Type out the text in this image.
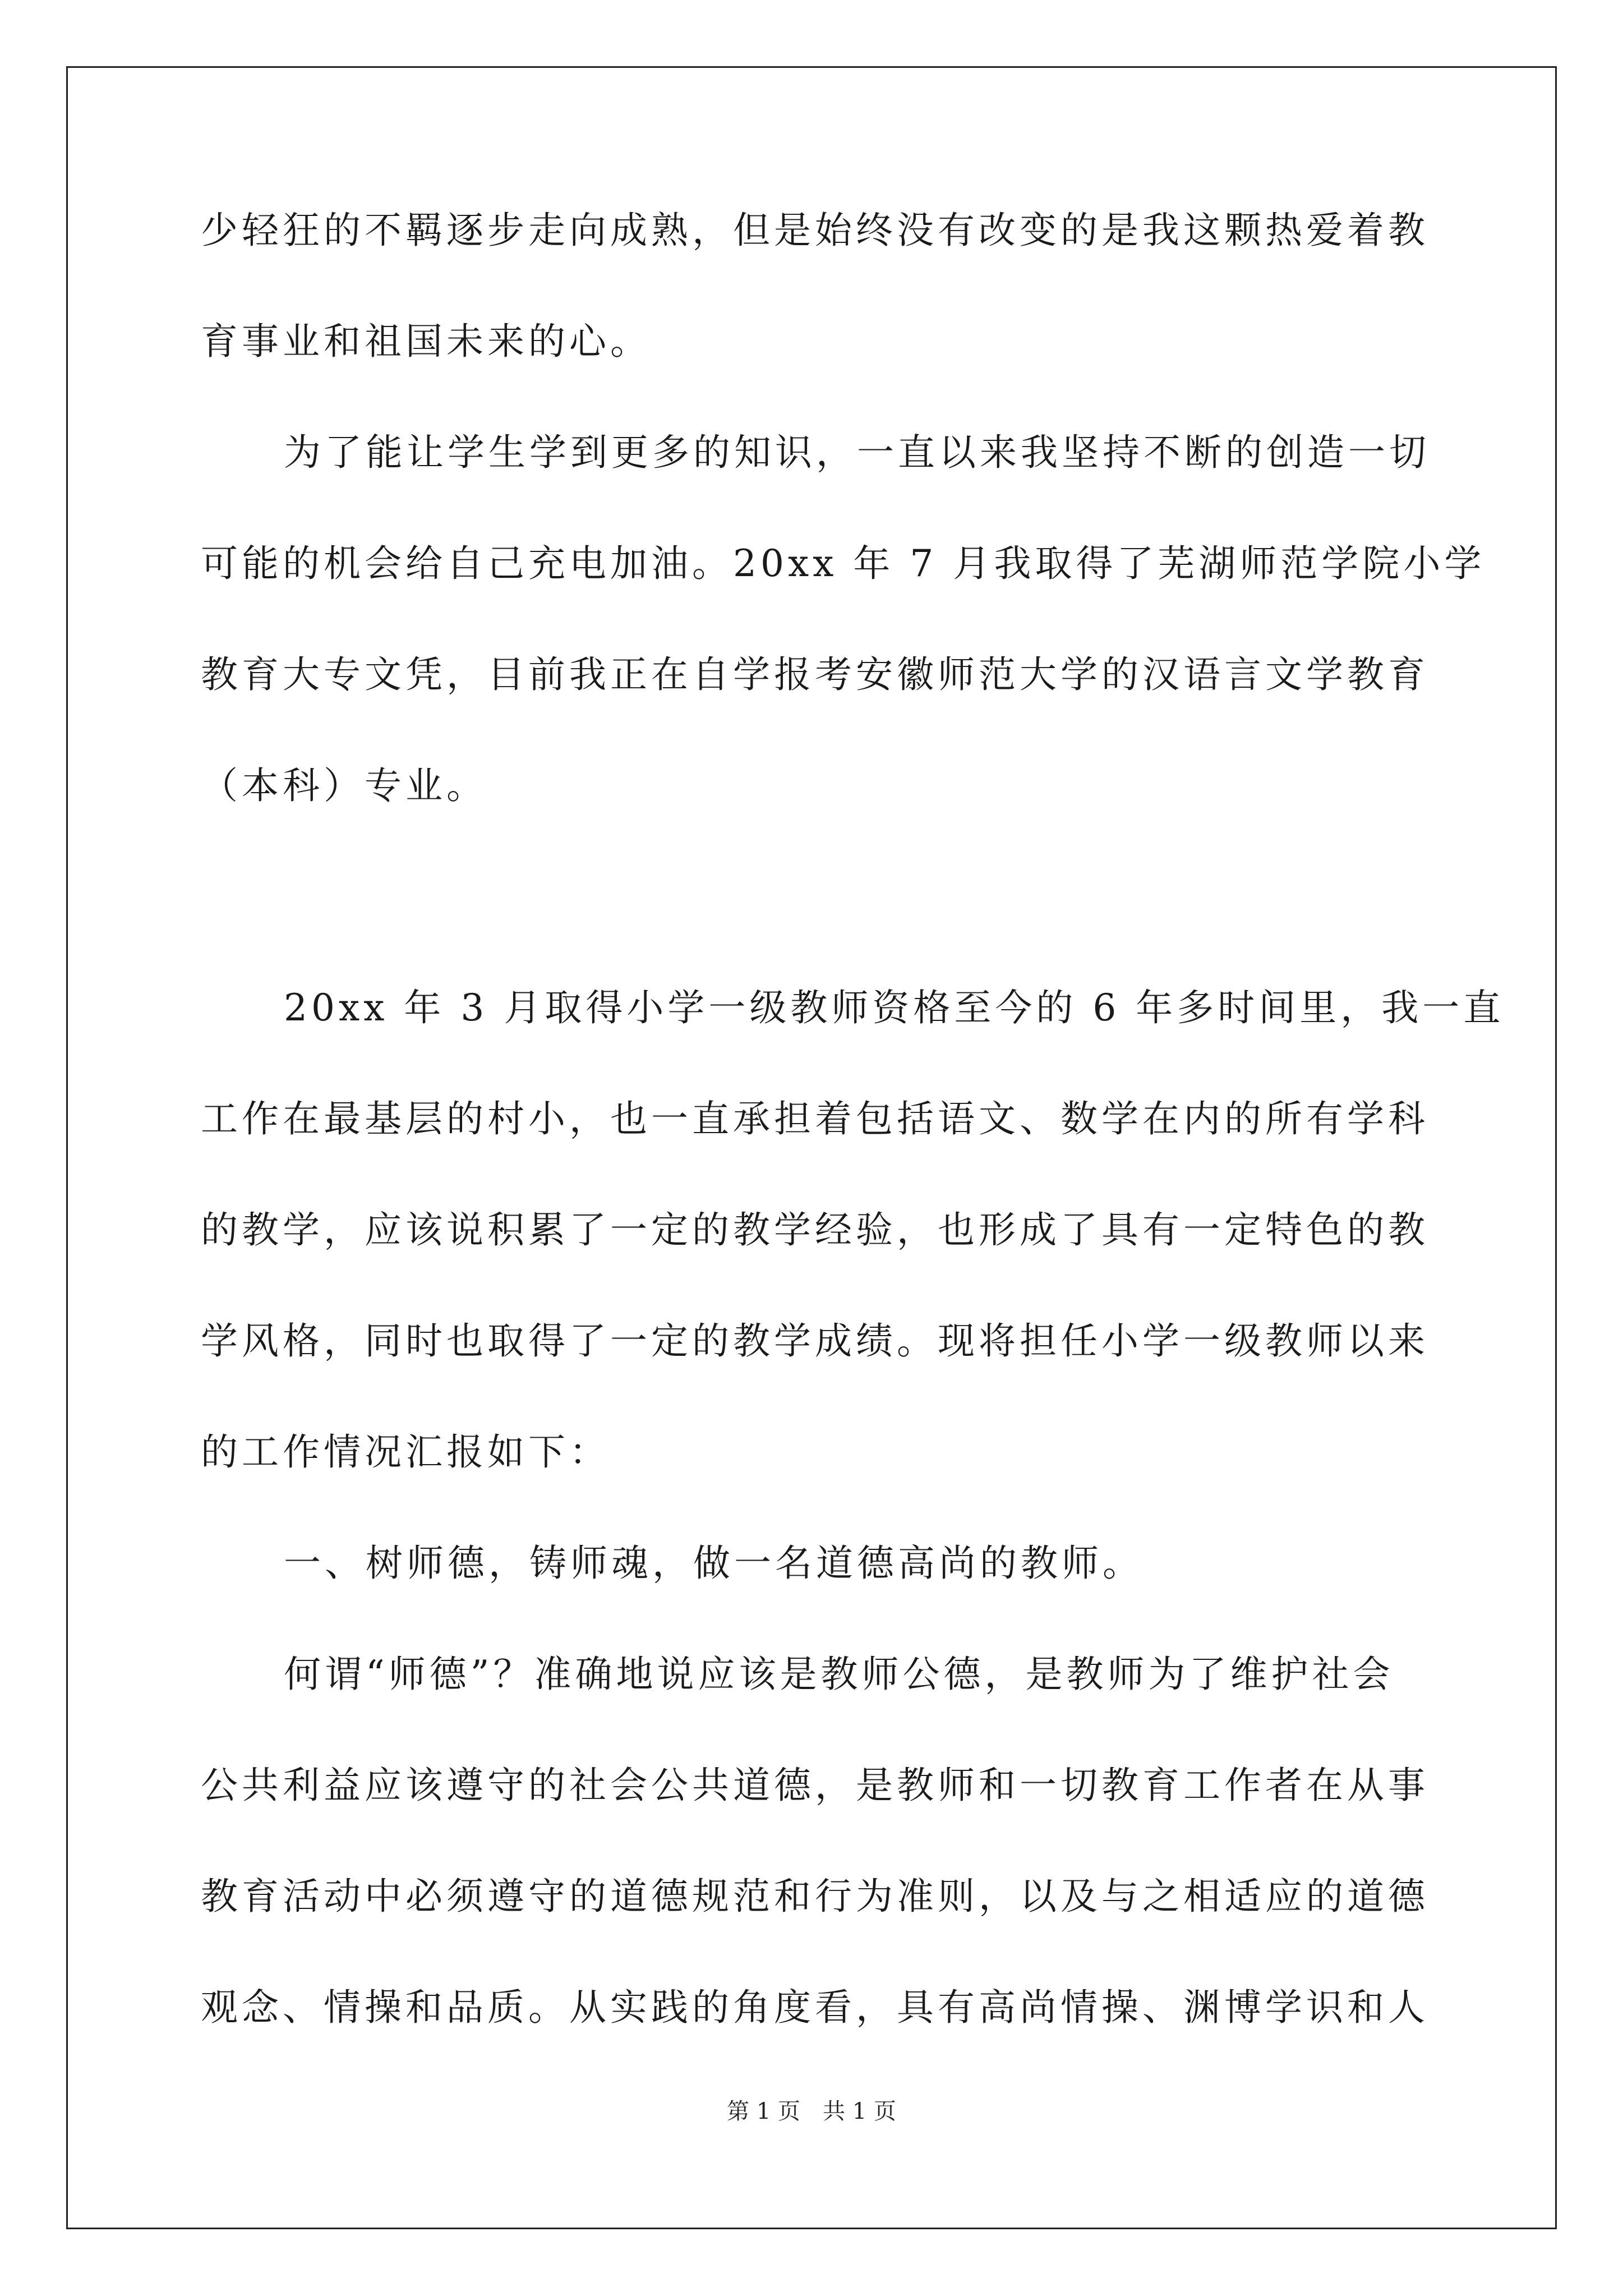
少轻狂的不羁逐步走向成熟，但是始终没有改变的是我这颗热爱着教
育事业和祖国未来的心。
为了能让学生学到更多的知识，一直以来我坚持不断的创造一切
可能的机会给自己充电加油。20xx 年 7 月我取得了芜湖师范学院小学
教育大专文凭，目前我正在自学报考安徽师范大学的汉语言文学教育
（本科）专业。
20xx 年 3 月取得小学一级教师资格至今的 6 年多时间里，我一直
工作在最基层的村小，也一直承担着包括语文、数学在内的所有学科
的教学，应该说积累了一定的教学经验，也形成了具有一定特色的教
学风格，同时也取得了一定的教学成绩。现将担任小学一级教师以来
的工作情况汇报如下：
一、树师德，铸师魂，做一名道德高尚的教师。
何谓“师德”？准确地说应该是教师公德，是教师为了维护社会
公共利益应该遵守的社会公共道德，是教师和一切教育工作者在从事
教育活动中必须遵守的道德规范和行为准则，以及与之相适应的道德
观念、情操和品质。从实践的角度看，具有高尚情操、渊博学识和人
第 1 页　共 1 页
